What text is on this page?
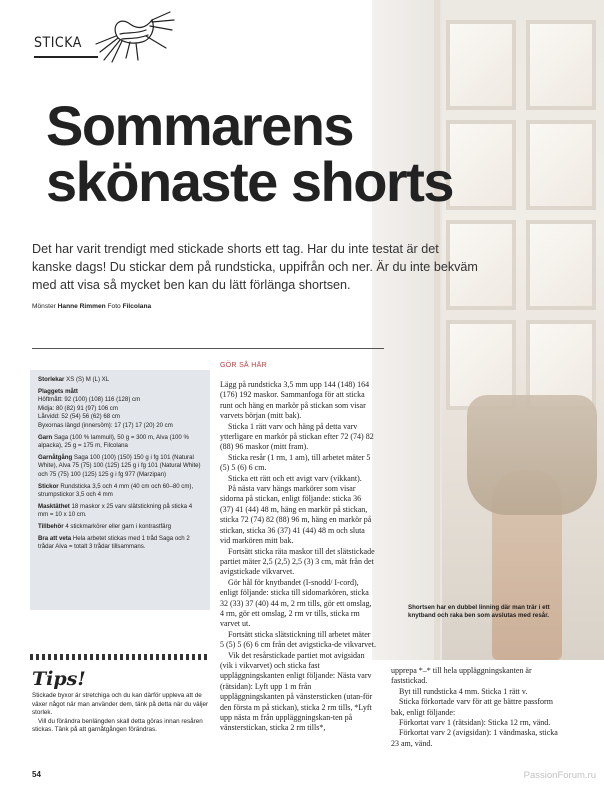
Shortsen har en dubbel linning där man trär i ett knytband och raka ben som avslutas med resår.
STICKA
Sommarens
skönaste shorts
Det har varit trendigt med stickade shorts ett tag. Har du inte testat är det kanske dags! Du stickar dem på rundsticka, uppifrån och ner. Är du inte bekväm med att visa så mycket ben kan du lätt förlänga shortsen.
Mönster Hanne Rimmen Foto Filcolana

Storlekar XS (S) M (L) XL

Plaggets mått
Höftmått: 92 (100) (108) 116 (128) cm
Midja: 80 (82) 91 (97) 106 cm
Lårvidd: 52 (54) 56 (62) 68 cm
Byxornas längd (innersöm): 17 (17) 17 (20) 20 cm

Garn Saga (100 % lammull), 50 g = 300 m, Alva (100 % alpacka), 25 g = 175 m, Filcolana

Garnåtgång Saga 100 (100) (150) 150 g i fg 101 (Natural White), Alva 75 (75) 100 (125) 125 g i fg 101 (Natural White) och 75 (75) 100 (125) 125 g i fg 977 (Marzipan)

Stickor Rundsticka 3,5 och 4 mm (40 cm och 60–80 cm), strumpstickor 3,5 och 4 mm

Masktäthet 18 maskor x 25 varv slätstickning på sticka 4 mm = 10 x 10 cm.

Tillbehör 4 stickmarkörer eller garn i kontrastfärg

Bra att veta Hela arbetet stickas med 1 tråd Saga och 2 trådar Alva = totalt 3 trådar tillsammans.

GÖR SÅ HÄR

Lägg på rundsticka 3,5 mm upp 144 (148) 164 (176) 192 maskor. Sammanfoga för att sticka runt och häng en markör på stickan som visar varvets början (mitt bak).

Sticka 1 rätt varv och häng på detta varv ytterligare en markör på stickan efter 72 (74) 82 (88) 96 maskor (mitt fram).

Sticka resår (1 rm, 1 am), till arbetet mäter 5 (5) 5 (6) 6 cm.

Sticka ett rätt och ett avigt varv (vikkant).

På nästa varv hängs markörer som visar sidorna på stickan, enligt följande: sticka 36 (37) 41 (44) 48 m, häng en markör på stickan, sticka 72 (74) 82 (88) 96 m, häng en markör på stickan, sticka 36 (37) 41 (44) 48 m och sluta vid markören mitt bak.

Fortsätt sticka räta maskor till det slätstickade partiet mäter 2,5 (2,5) 2,5 (3) 3 cm, mät från det avigstickade vikvarvet.

Gör hål för knytbandet (I-snodd/ I-cord), enligt följande: sticka till sidomarkören, sticka 32 (33) 37 (40) 44 m, 2 rm tills, gör ett omslag, 4 rm, gör ett omslag, 2 rm vr tills, sticka rm varvet ut.

Fortsätt sticka slätstickning till arbetet mäter 5 (5) 5 (6) 6 cm från det avigsticka-de vikvarvet.

Vik det resårstickade partiet mot avigsidan (vik i vikvarvet) och sticka fast uppläggningskanten enligt följande: Nästa varv (rätsidan): Lyft upp 1 m från uppläggningskanten på vänstersticken (utan-för den första m på stickan), sticka 2 rm tills, *Lyft upp nästa m från uppläggningskan-ten på vänsterstickan, sticka 2 rm tills*,

upprepa *–* till hela uppläggningskanten är faststickad.

Byt till rundsticka 4 mm. Sticka 1 rätt v.

Sticka förkortade varv för att ge bättre passform bak, enligt följande:

Förkortat varv 1 (rätsidan): Sticka 12 rm, vänd.

Förkortat varv 2 (avigsidan): 1 vändmaska, sticka 23 am, vänd.

Tips!

Stickade byxor är stretchiga och du kan därför uppleva att de växer något när man använder dem, tänk på detta när du väljer storlek.

Vill du förändra benlängden skall detta göras innan resåren stickas. Tänk på att garnåtgången förändras.

54	PassionForum.ru
